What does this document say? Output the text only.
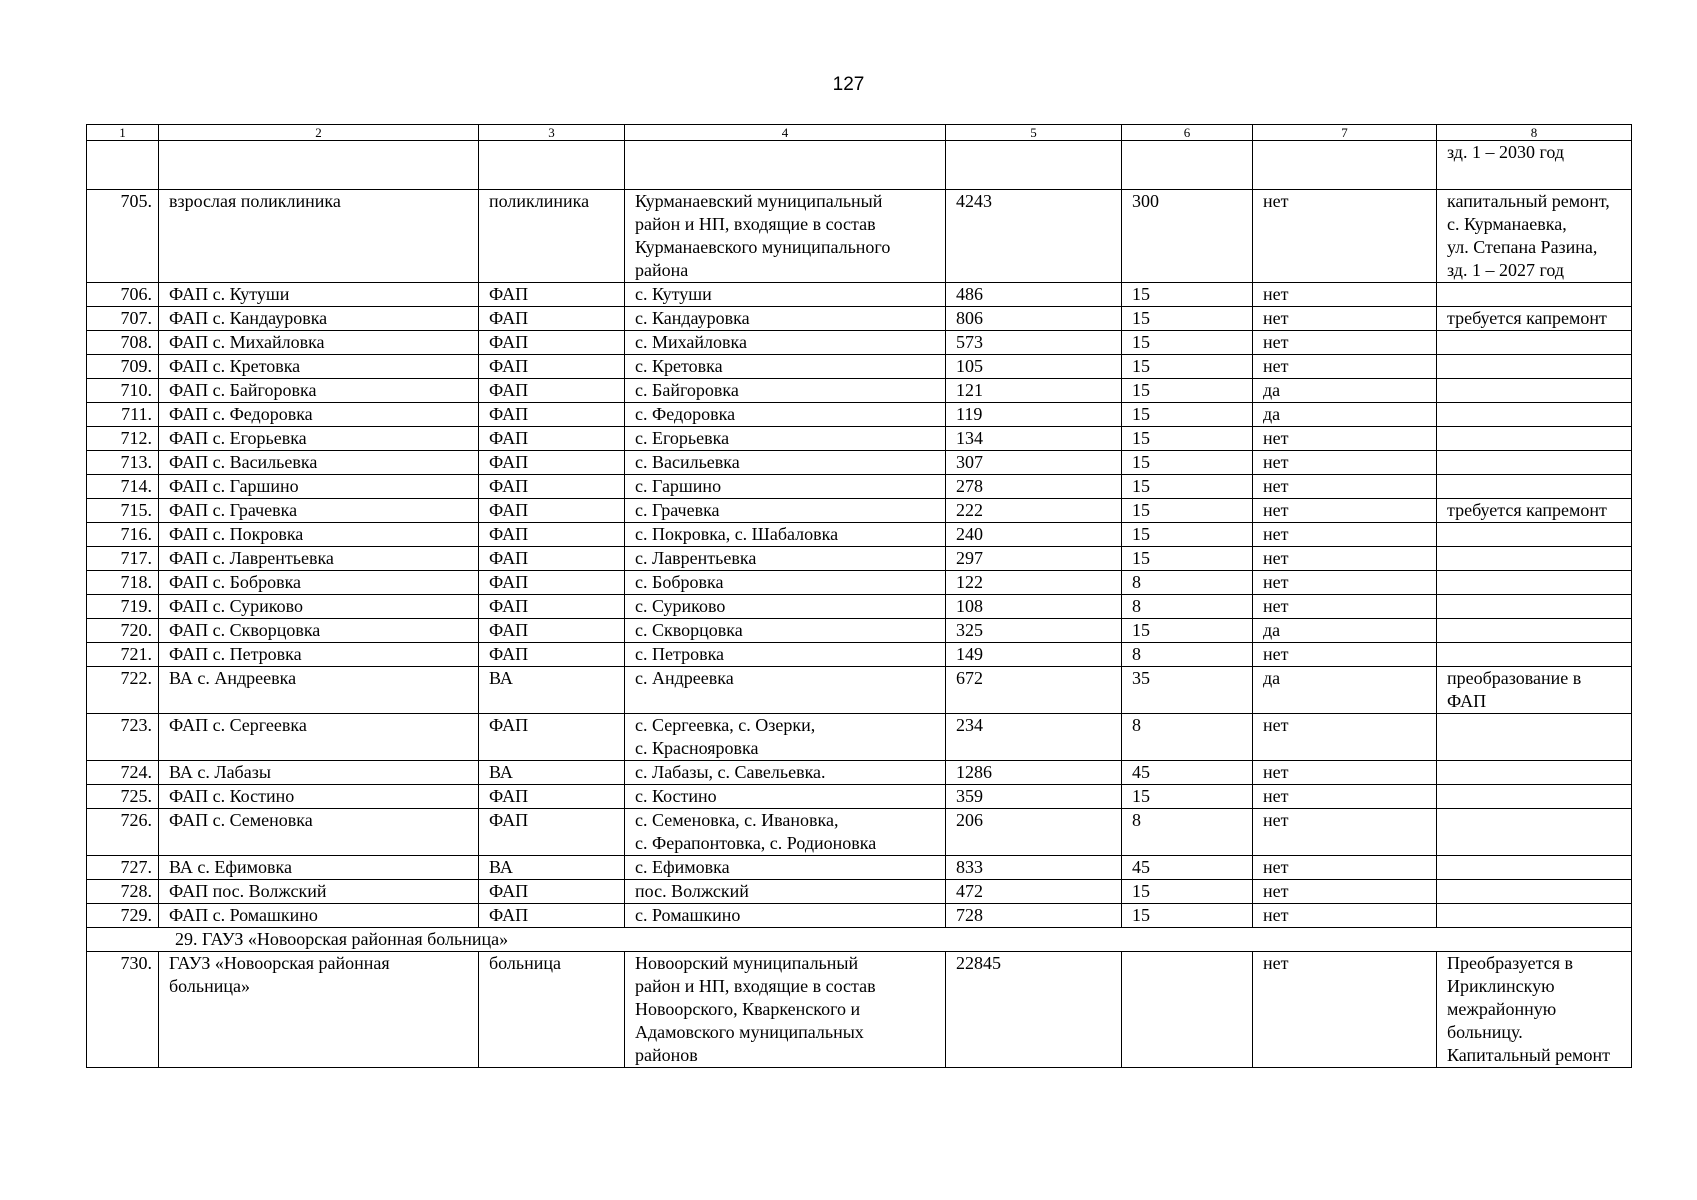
127
1	2	3	4	5	6	7	8
							зд. 1 – 2030 год
705.	взрослая поликлиника	поликлиника	Курманаевский муниципальный
район и НП, входящие в состав
Курманаевского муниципального
района	4243	300	нет	капитальный ремонт,
с. Курманаевка,
ул. Степана Разина,
зд. 1 – 2027 год
706.	ФАП с. Кутуши	ФАП	с. Кутуши	486	15	нет	
707.	ФАП с. Кандауровка	ФАП	с. Кандауровка	806	15	нет	требуется капремонт
708.	ФАП с. Михайловка	ФАП	с. Михайловка	573	15	нет	
709.	ФАП с. Кретовка	ФАП	с. Кретовка	105	15	нет	
710.	ФАП с. Байгоровка	ФАП	с. Байгоровка	121	15	да	
711.	ФАП с. Федоровка	ФАП	с. Федоровка	119	15	да	
712.	ФАП с. Егорьевка	ФАП	с. Егорьевка	134	15	нет	
713.	ФАП с. Васильевка	ФАП	с. Васильевка	307	15	нет	
714.	ФАП с. Гаршино	ФАП	с. Гаршино	278	15	нет	
715.	ФАП с. Грачевка	ФАП	с. Грачевка	222	15	нет	требуется капремонт
716.	ФАП с. Покровка	ФАП	с. Покровка, с. Шабаловка	240	15	нет	
717.	ФАП с. Лаврентьевка	ФАП	с. Лаврентьевка	297	15	нет	
718.	ФАП с. Бобровка	ФАП	с. Бобровка	122	8	нет	
719.	ФАП с. Суриково	ФАП	с. Суриково	108	8	нет	
720.	ФАП с. Скворцовка	ФАП	с. Скворцовка	325	15	да	
721.	ФАП с. Петровка	ФАП	с. Петровка	149	8	нет	
722.	ВА с. Андреевка	ВА	с. Андреевка	672	35	да	преобразование в
ФАП
723.	ФАП с. Сергеевка	ФАП	с. Сергеевка, с. Озерки,
с. Краснояровка	234	8	нет	
724.	ВА с. Лабазы	ВА	с. Лабазы, с. Савельевка.	1286	45	нет	
725.	ФАП с. Костино	ФАП	с. Костино	359	15	нет	
726.	ФАП с. Семеновка	ФАП	с. Семеновка, с. Ивановка,
с. Ферапонтовка, с. Родионовка	206	8	нет	
727.	ВА с. Ефимовка	ВА	с. Ефимовка	833	45	нет	
728.	ФАП пос. Волжский	ФАП	пос. Волжский	472	15	нет	
729.	ФАП с. Ромашкино	ФАП	с. Ромашкино	728	15	нет	
29. ГАУЗ «Новоорская районная больница»							
730.	ГАУЗ «Новоорская районная
больница»	больница	Новоорский муниципальный
район и НП, входящие в состав
Новоорского, Кваркенского и
Адамовского муниципальных
районов	22845		нет	Преобразуется в
Ириклинскую
межрайонную
больницу.
Капитальный ремонт
